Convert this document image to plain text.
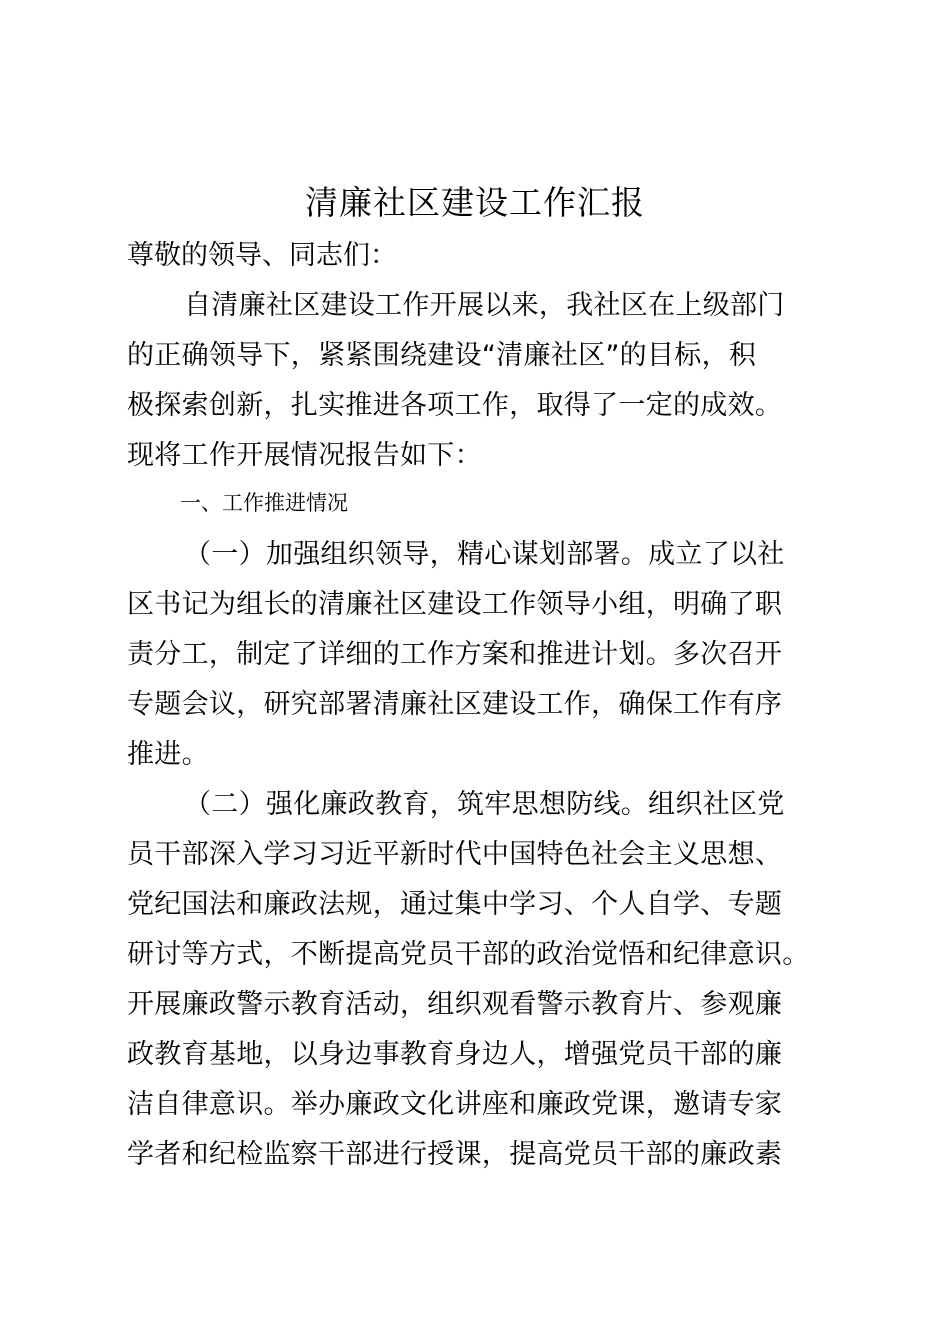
清廉社区建设工作汇报
尊敬的领导、同志们：
自清廉社区建设工作开展以来，我社区在上级部门
的正确领导下，紧紧围绕建设“清廉社区”的目标，积
极探索创新，扎实推进各项工作，取得了一定的成效。
现将工作开展情况报告如下：
一、工作推进情况
（一）加强组织领导，精心谋划部署。成立了以社
区书记为组长的清廉社区建设工作领导小组，明确了职
责分工，制定了详细的工作方案和推进计划。多次召开
专题会议，研究部署清廉社区建设工作，确保工作有序
推进。
（二）强化廉政教育，筑牢思想防线。组织社区党
员干部深入学习习近平新时代中国特色社会主义思想、
党纪国法和廉政法规，通过集中学习、个人自学、专题
研讨等方式，不断提高党员干部的政治觉悟和纪律意识。
开展廉政警示教育活动，组织观看警示教育片、参观廉
政教育基地，以身边事教育身边人，增强党员干部的廉
洁自律意识。举办廉政文化讲座和廉政党课，邀请专家
学者和纪检监察干部进行授课，提高党员干部的廉政素
